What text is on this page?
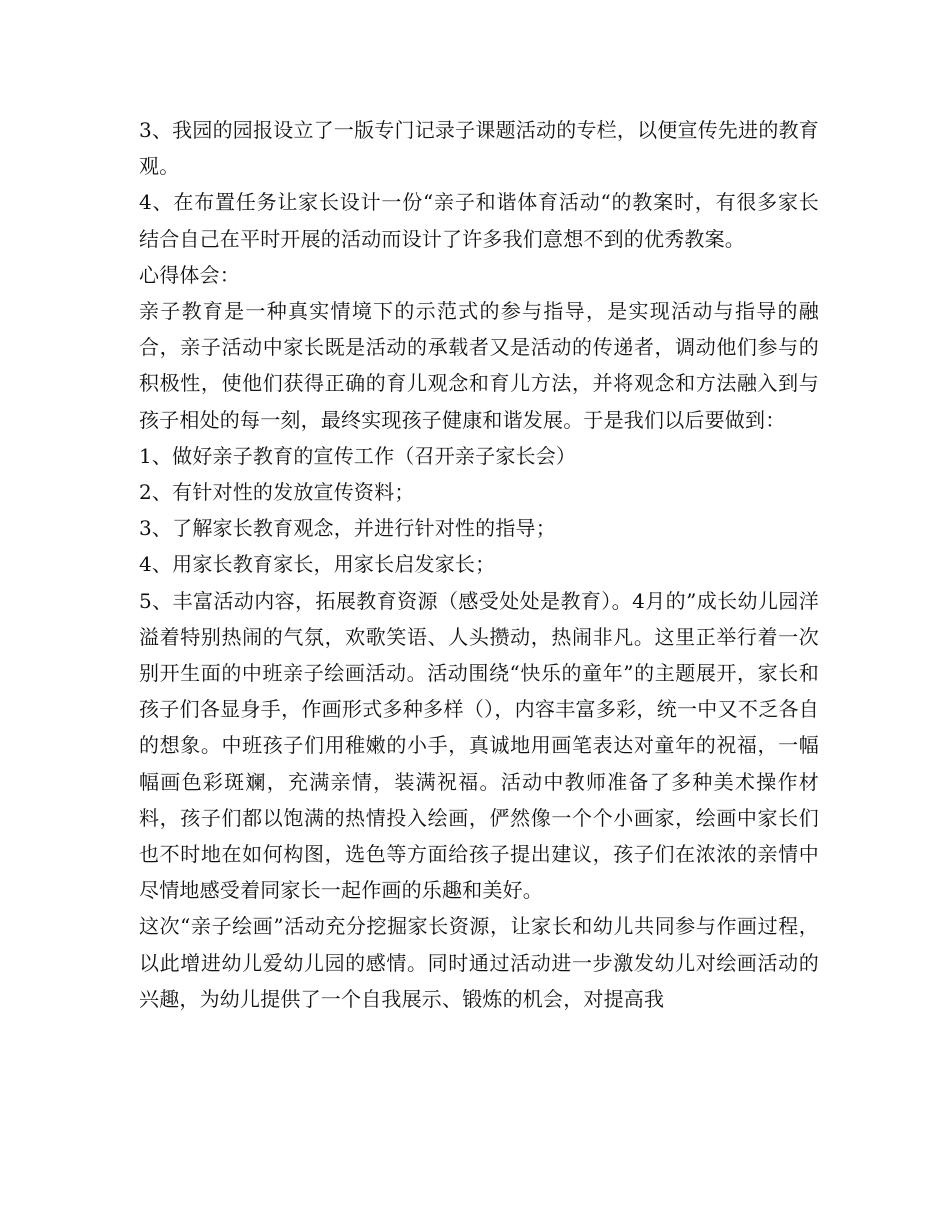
3、我园的园报设立了一版专门记录子课题活动的专栏，以便宣传先进的教育观。

4、在布置任务让家长设计一份“亲子和谐体育活动“的教案时，有很多家长结合自己在平时开展的活动而设计了许多我们意想不到的优秀教案。

心得体会：

亲子教育是一种真实情境下的示范式的参与指导，是实现活动与指导的融合，亲子活动中家长既是活动的承载者又是活动的传递者，调动他们参与的积极性，使他们获得正确的育儿观念和育儿方法，并将观念和方法融入到与孩子相处的每一刻，最终实现孩子健康和谐发展。于是我们以后要做到：

1、做好亲子教育的宣传工作（召开亲子家长会）

2、有针对性的发放宣传资料；

3、了解家长教育观念，并进行针对性的指导；

4、用家长教育家长，用家长启发家长；

5、丰富活动内容，拓展教育资源（感受处处是教育）。4月的”成长幼儿园洋溢着特别热闹的气氛，欢歌笑语、人头攒动，热闹非凡。这里正举行着一次别开生面的中班亲子绘画活动。活动围绕“快乐的童年”的主题展开，家长和孩子们各显身手，作画形式多种多样（），内容丰富多彩，统一中又不乏各自的想象。中班孩子们用稚嫩的小手，真诚地用画笔表达对童年的祝福，一幅幅画色彩斑斓，充满亲情，装满祝福。活动中教师准备了多种美术操作材料，孩子们都以饱满的热情投入绘画，俨然像一个个小画家，绘画中家长们也不时地在如何构图，选色等方面给孩子提出建议，孩子们在浓浓的亲情中尽情地感受着同家长一起作画的乐趣和美好。

这次“亲子绘画”活动充分挖掘家长资源，让家长和幼儿共同参与作画过程，以此增进幼儿爱幼儿园的感情。同时通过活动进一步激发幼儿对绘画活动的兴趣，为幼儿提供了一个自我展示、锻炼的机会，对提高我
